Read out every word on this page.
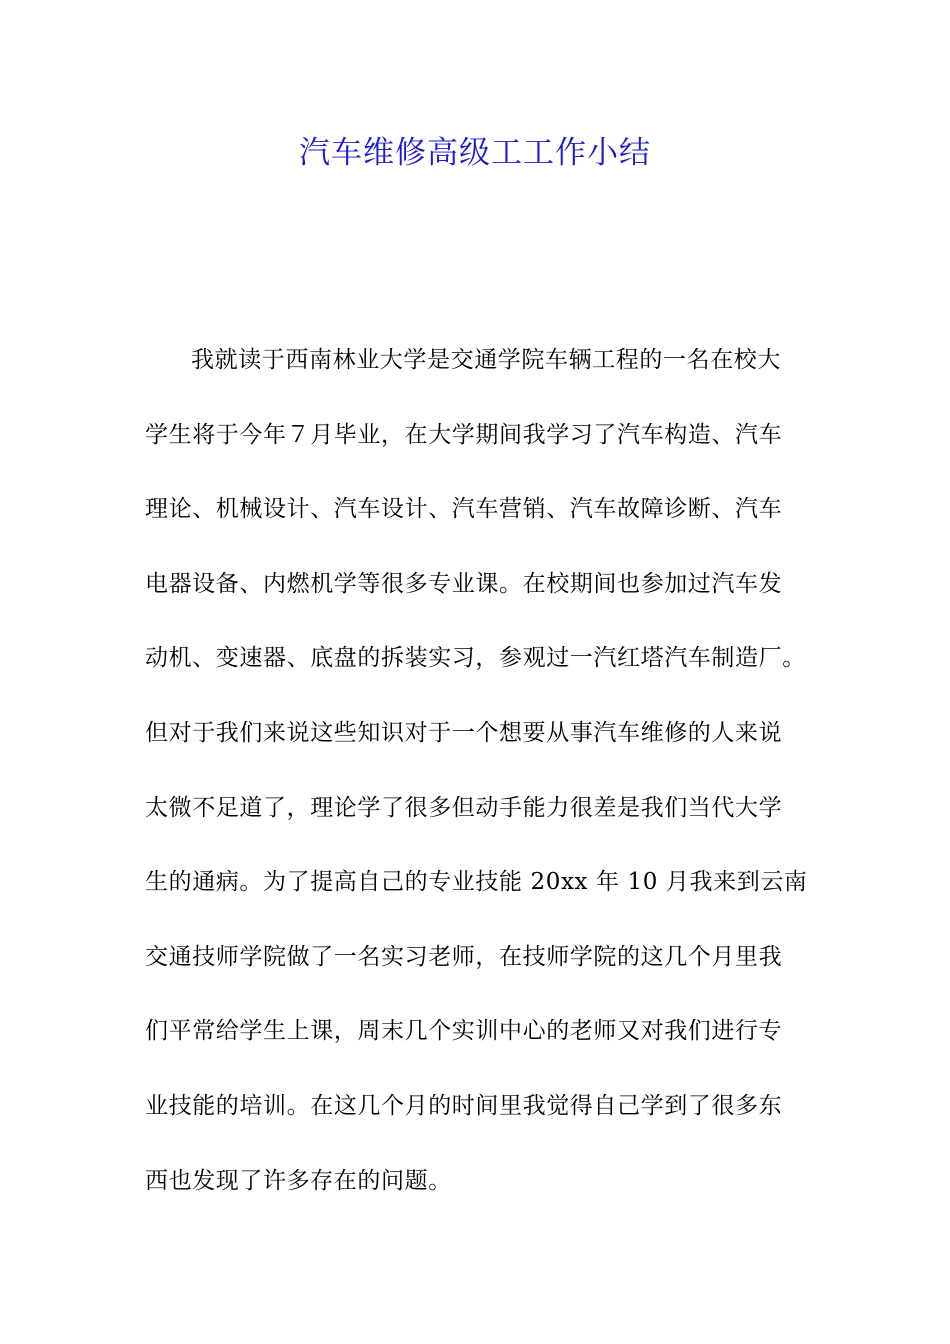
汽车维修高级工工作小结
我就读于西南林业大学是交通学院车辆工程的一名在校大
学生将于今年７月毕业，在大学期间我学习了汽车构造、汽车
理论、机械设计、汽车设计、汽车营销、汽车故障诊断、汽车
电器设备、内燃机学等很多专业课。在校期间也参加过汽车发
动机、变速器、底盘的拆装实习，参观过一汽红塔汽车制造厂。
但对于我们来说这些知识对于一个想要从事汽车维修的人来说
太微不足道了，理论学了很多但动手能力很差是我们当代大学
生的通病。为了提高自己的专业技能 20xx 年 10 月我来到云南
交通技师学院做了一名实习老师，在技师学院的这几个月里我
们平常给学生上课，周末几个实训中心的老师又对我们进行专
业技能的培训。在这几个月的时间里我觉得自己学到了很多东
西也发现了许多存在的问题。
